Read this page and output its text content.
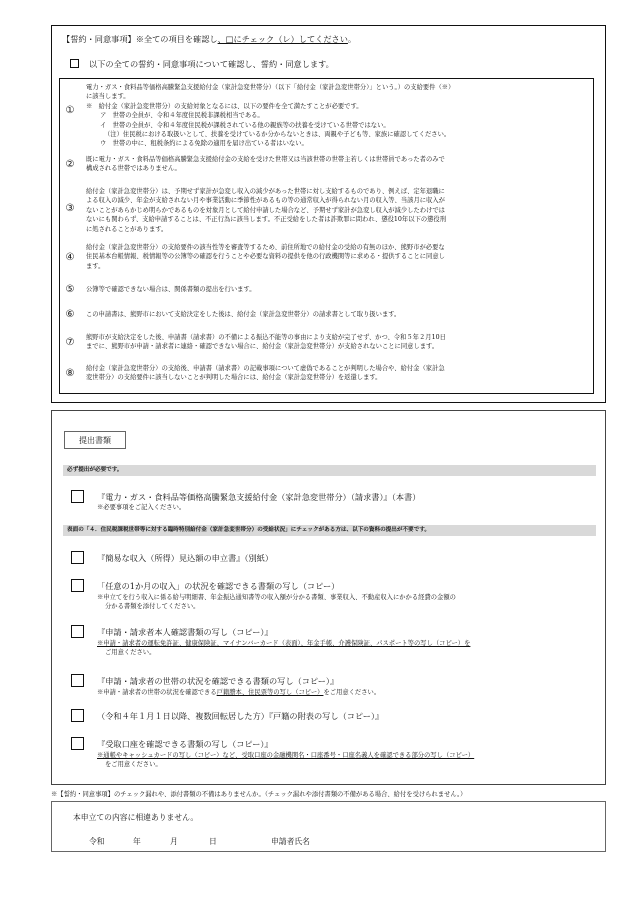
【誓約・同意事項】※全ての項目を確認し、□にチェック（レ）してください。
以下の全ての誓約・同意事項について確認し、誓約・同意します。
①
電力・ガス・食料品等価格高騰緊急支援給付金（家計急変世帯分）（以下「給付金（家計急変世帯分）」という。）の支給要件（※）
に該当します。
※　給付金（家計急変世帯分）の支給対象となるには、以下の要件を全て満たすことが必要です。
ア　世帯の全員が、令和４年度住民税非課税相当である。
イ　世帯の全員が、令和４年度住民税が課税されている他の親族等の扶養を受けている世帯ではない。
（注）住民税における取扱いとして、扶養を受けているか分からないときは、両親や子ども等、家族に確認してください。
ウ　世帯の中に、租税条約による免除の適用を届け出ている者はいない。
②	既に電力・ガス・食料品等価格高騰緊急支援給付金の支給を受けた世帯又は当該世帯の世帯主若しくは世帯員であった者のみで
構成される世帯ではありません。
③
給付金（家計急変世帯分）は、予期せず家計が急変し収入の減少があった世帯に対し支給するものであり、例えば、定年退職に
よる収入の減少、年金が支給されない月や事業活動に季節性があるもの等の通常収入が得られない月の収入等、当該月に収入が
ないことがあらかじめ明らかであるものを対象月として給付申請した場合など、予期せず家計が急変し収入が減少したわけでは
ないにも関わらず、支給申請することは、不正行為に該当します。不正受給をした者は詐欺罪に問われ、懲役10年以下の懲役刑
に処されることがあります。
④
給付金（家計急変世帯分）の支給要件の該当性等を審査等するため、前住所地での給付金の受給の有無のほか、熊野市が必要な
住民基本台帳情報、税情報等の公簿等の確認を行うことや必要な資料の提供を他の行政機関等に求める・提供することに同意し
ます。
⑤	公簿等で確認できない場合は、関係書類の提出を行います。
⑥	この申請書は、熊野市において支給決定をした後は、給付金（家計急変世帯分）の請求書として取り扱います。
⑦	熊野市が支給決定をした後、申請書（請求書）の不備による振込不能等の事由により支給が完了せず、かつ、令和５年２月10日
までに、熊野市が申請・請求者に連絡・確認できない場合に、給付金（家計急変世帯分）が支給されないことに同意します。
⑧	給付金（家計急変世帯分）の支給後、申請書（請求書）の記載事項について虚偽であることが判明した場合や、給付金（家計急
変世帯分）の支給要件に該当しないことが判明した場合には、給付金（家計急変世帯分）を返還します。
提出書類
必ず提出が必要です。
『電力・ガス・食料品等価格高騰緊急支援給付金（家計急変世帯分）（請求書）』（本書）
※必要事項をご記入ください。
表面の「４．住民税課税世帯等に対する臨時特別給付金（家計急変世帯分）の受給状況」にチェックがある方は、以下の資料の提出が不要です。
『簡易な収入（所得）見込額の申立書』（別紙）
「任意の1か月の収入」の状況を確認できる書類の写し（コピー）
※申立てを行う収入に係る給与明細書、年金振込通知書等の収入額が分かる書類、事業収入、不動産収入にかかる経費の金額の
分かる書類を添付してください。
『申請・請求者本人確認書類の写し（コピー）』
※申請・請求者の運転免許証、健康保険証、マイナンバーカード（表面）、年金手帳、介護保険証、パスポート等の写し（コピー）を
ご用意ください。
『申請・請求者の世帯の状況を確認できる書類の写し（コピー）』
※申請・請求者の世帯の状況を確認できる戸籍謄本、住民票等の写し（コピー）をご用意ください。
（令和４年１月１日以降、複数回転居した方）『戸籍の附表の写し（コピー）』
『受取口座を確認できる書類の写し（コピー）』
※通帳やキャッシュカードの写し（コピー）など、受取口座の金融機関名・口座番号・口座名義人を確認できる部分の写し（コピー）
をご用意ください。
※【誓約・同意事項】のチェック漏れや、添付書類の不備はありませんか。（チェック漏れや添付書類の不備がある場合、給付を受けられません。）
本申立ての内容に相違ありません。
令和	年	月	日	申請者氏名
